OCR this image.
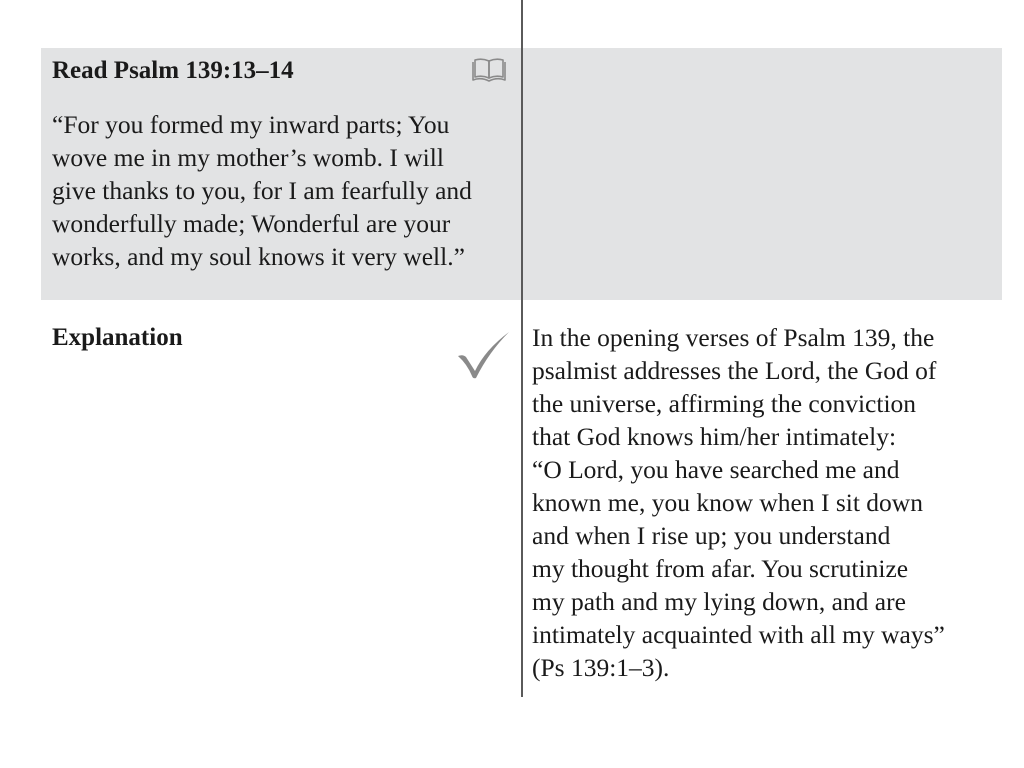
Read Psalm 139:13–14

“For you formed my inward parts; You
wove me in my mother’s womb. I will
give thanks to you, for I am fearfully and
wonderfully made; Wonderful are your
works, and my soul knows it very well.”

Explanation	In the opening verses of Psalm 139, the
psalmist addresses the Lord, the God of
the universe, affirming the conviction
that God knows him/her intimately:
“O Lord, you have searched me and
known me, you know when I sit down
and when I rise up; you understand
my thought from afar. You scrutinize
my path and my lying down, and are
intimately acquainted with all my ways”
(Ps 139:1–3).
